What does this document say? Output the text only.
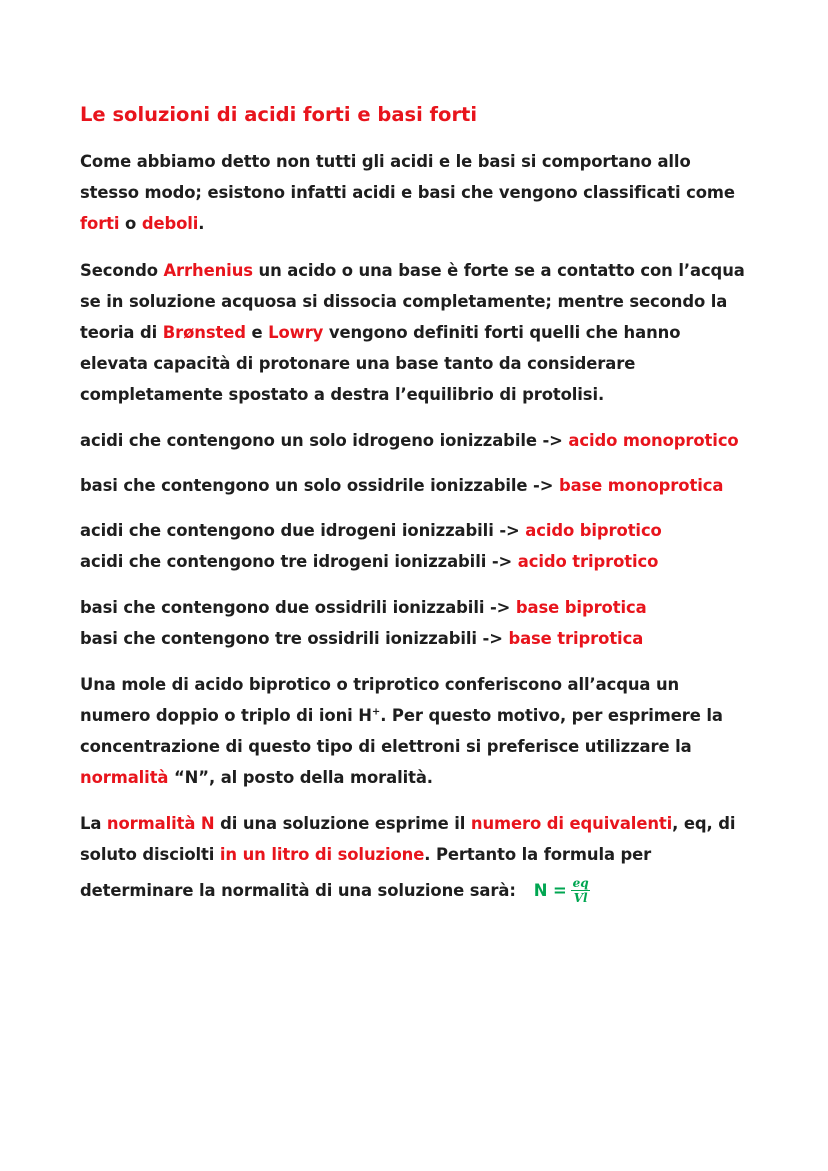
Le soluzioni di acidi forti e basi forti
Come abbiamo detto non tutti gli acidi e le basi si comportano allo
stesso modo; esistono infatti acidi e basi che vengono classificati come
forti o deboli.
Secondo Arrhenius un acido o una base è forte se a contatto con l’acqua
se in soluzione acquosa si dissocia completamente; mentre secondo la
teoria di Brønsted e Lowry vengono definiti forti quelli che hanno
elevata capacità di protonare una base tanto da considerare
completamente spostato a destra l’equilibrio di protolisi.
acidi che contengono un solo idrogeno ionizzabile -> acido monoprotico
basi che contengono un solo ossidrile ionizzabile -> base monoprotica
acidi che contengono due idrogeni ionizzabili -> acido biprotico
acidi che contengono tre idrogeni ionizzabili -> acido triprotico
basi che contengono due ossidrili ionizzabili -> base biprotica
basi che contengono tre ossidrili ionizzabili -> base triprotica
Una mole di acido biprotico o triprotico conferiscono all’acqua un
numero doppio o triplo di ioni H+. Per questo motivo, per esprimere la
concentrazione di questo tipo di elettroni si preferisce utilizzare la
normalità “N”, al posto della moralità.
La normalità N di una soluzione esprime il numero di equivalenti, eq, di
soluto disciolti in un litro di soluzione. Pertanto la formula per
determinare la normalità di una soluzione sarà: $N = \frac{eq}{Vl}$
